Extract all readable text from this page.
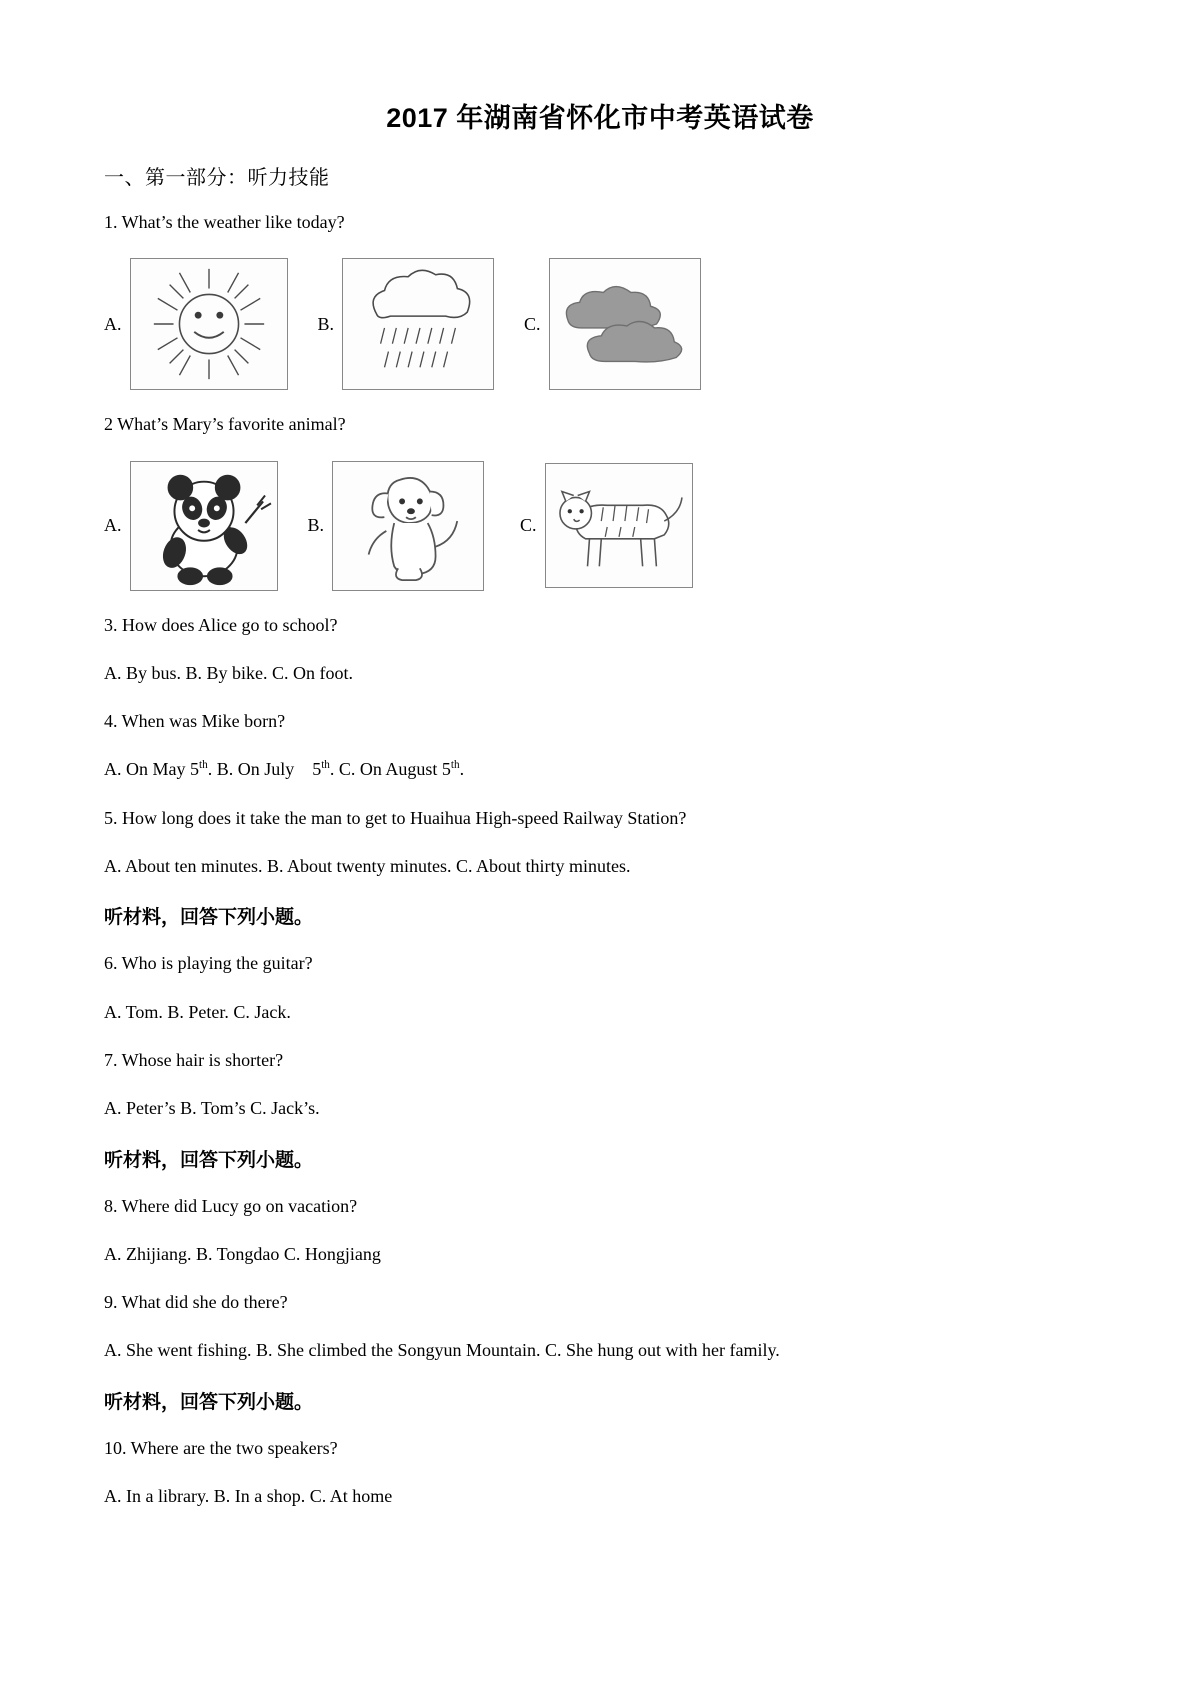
2017 年湖南省怀化市中考英语试卷
一、第一部分：听力技能
1. What’s the weather like today?
A.	B.	C.
2 What’s Mary’s favorite animal?
A.	B.	C.
3. How does Alice go to school?
A. By bus. B. By bike. C. On foot.
4. When was Mike born?
A. On May 5th. B. On July 5th. C. On August 5th.
5. How long does it take the man to get to Huaihua High-speed Railway Station?
A. About ten minutes. B. About twenty minutes. C. About thirty minutes.
听材料，回答下列小题。
6. Who is playing the guitar?
A. Tom. B. Peter. C. Jack.
7. Whose hair is shorter?
A. Peter’s B. Tom’s C. Jack’s.
听材料，回答下列小题。
8. Where did Lucy go on vacation?
A. Zhijiang. B. Tongdao C. Hongjiang
9. What did she do there?
A. She went fishing. B. She climbed the Songyun Mountain. C. She hung out with her family.
听材料，回答下列小题。
10. Where are the two speakers?
A. In a library. B. In a shop. C. At home
